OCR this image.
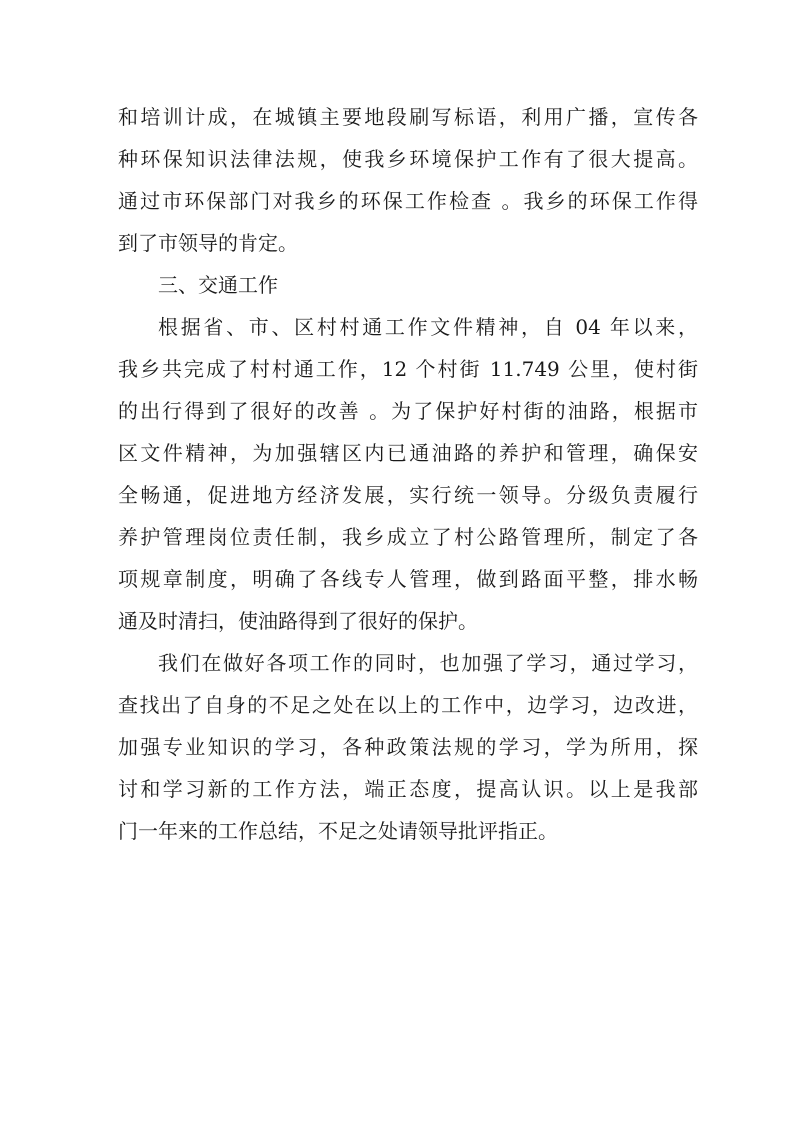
和培训计成，在城镇主要地段刷写标语，利用广播，宣传各
种环保知识法律法规，使我乡环境保护工作有了很大提高。
通过市环保部门对我乡的环保工作检查 。我乡的环保工作得
到了市领导的肯定。
三、交通工作
根据省、市、区村村通工作文件精神，自 04 年以来，
我乡共完成了村村通工作，12 个村街 11.749 公里，使村街
的出行得到了很好的改善 。为了保护好村街的油路，根据市
区文件精神，为加强辖区内已通油路的养护和管理，确保安
全畅通，促进地方经济发展，实行统一领导。分级负责履行
养护管理岗位责任制，我乡成立了村公路管理所，制定了各
项规章制度，明确了各线专人管理，做到路面平整，排水畅
通及时清扫，使油路得到了很好的保护。
我们在做好各项工作的同时，也加强了学习，通过学习，
查找出了自身的不足之处在以上的工作中，边学习，边改进，
加强专业知识的学习，各种政策法规的学习，学为所用，探
讨和学习新的工作方法，端正态度，提高认识。以上是我部
门一年来的工作总结，不足之处请领导批评指正。
